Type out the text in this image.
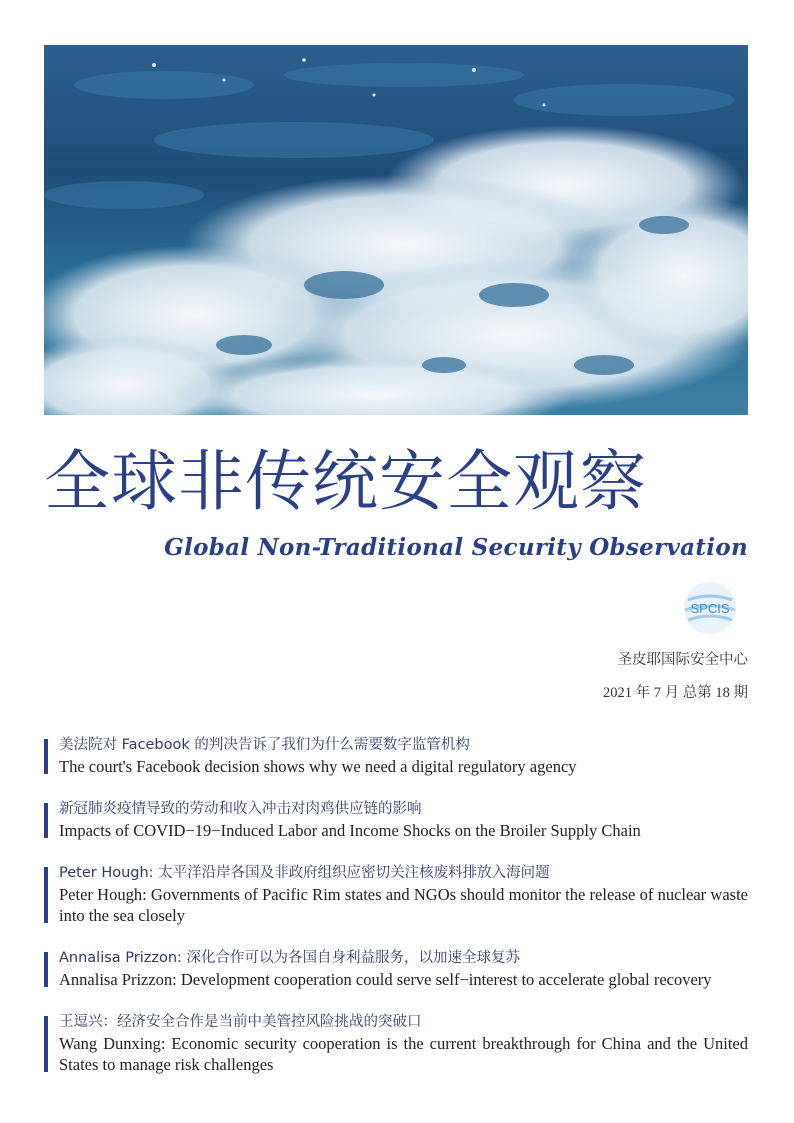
全球非传统安全观察
Global Non-Traditional Security Observation
SPCIS
圣皮耶国际安全中心
2021 年 7 月 总第 18 期
美法院对 Facebook 的判决告诉了我们为什么需要数字监管机构
The court's Facebook decision shows why we need a digital regulatory agency
新冠肺炎疫情导致的劳动和收入冲击对肉鸡供应链的影响
Impacts of COVID−19−Induced Labor and Income Shocks on the Broiler Supply Chain
Peter Hough: 太平洋沿岸各国及非政府组织应密切关注核废料排放入海问题
Peter Hough: Governments of Pacific Rim states and NGOs should monitor the release of nuclear waste into the sea closely
Annalisa Prizzon: 深化合作可以为各国自身利益服务，以加速全球复苏
Annalisa Prizzon: Development cooperation could serve self−interest to accelerate global recovery
王逗兴：经济安全合作是当前中美管控风险挑战的突破口
Wang Dunxing: Economic security cooperation is the current breakthrough for China and the United States to manage risk challenges
